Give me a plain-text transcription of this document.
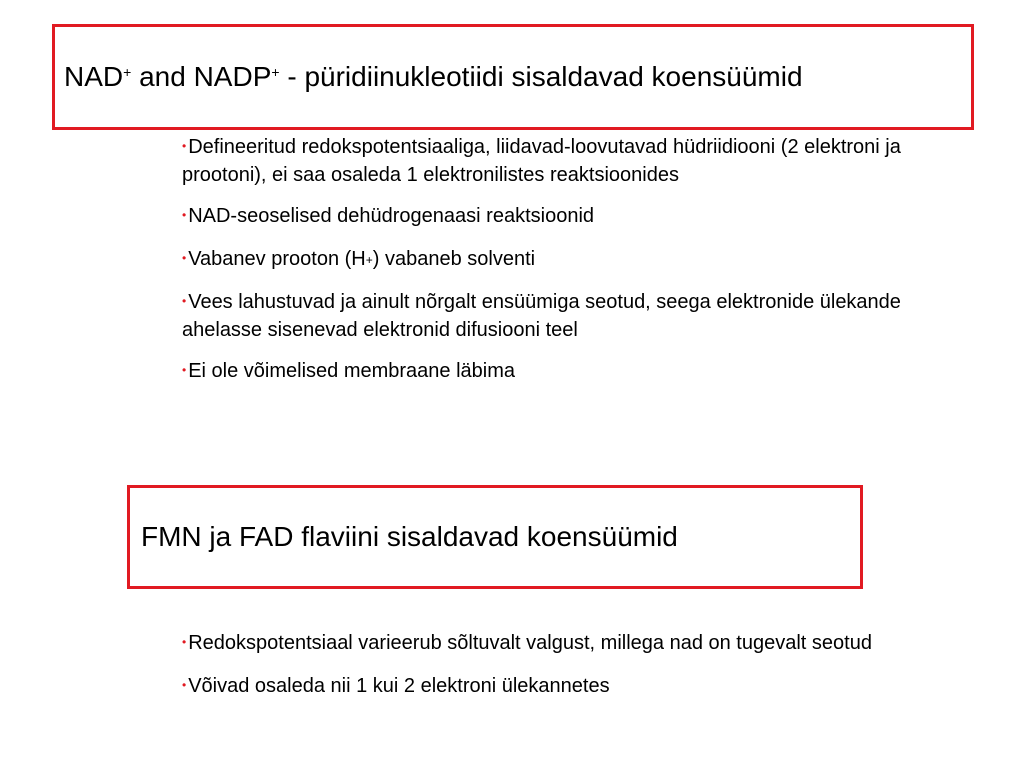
NAD+ and NADP+ - püridiinukleotiidi sisaldavad koensüümid
• Defineeritud redokspotentsiaaliga, liidavad-loovutavad hüdriidiooni (2 elektroni ja prootoni), ei saa osaleda 1 elektronilistes reaktsioonides
• NAD-seoselised dehüdrogenaasi reaktsioonid
• Vabanev prooton (H+) vabaneb solventi
• Vees lahustuvad ja ainult nõrgalt ensüümiga seotud, seega elektronide ülekande ahelasse sisenevad elektronid difusiooni teel
• Ei ole võimelised membraane läbima
FMN ja FAD flaviini sisaldavad koensüümid
• Redokspotentsiaal varieerub sõltuvalt valgust, millega nad on tugevalt seotud
• Võivad osaleda nii 1 kui 2 elektroni ülekannetes
